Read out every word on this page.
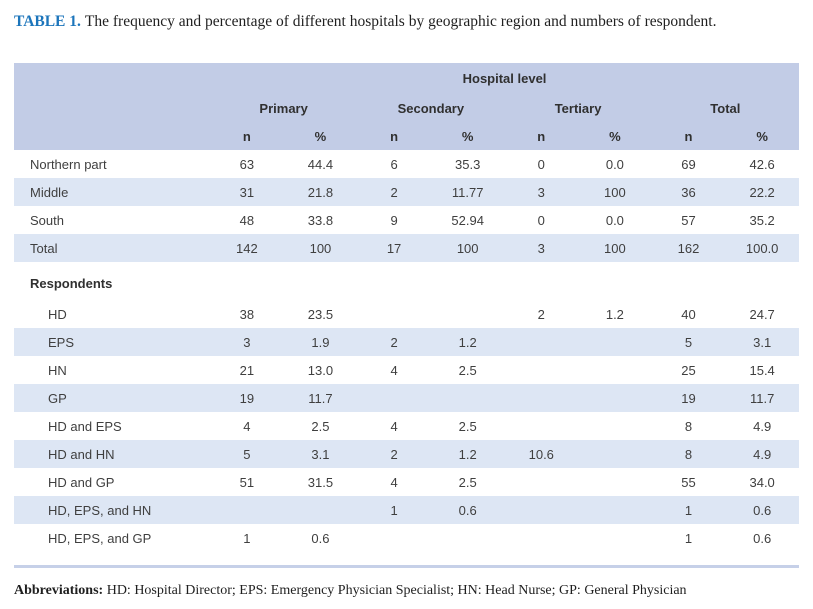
TABLE 1. The frequency and percentage of different hospitals by geographic region and numbers of respondent.

	Hospital level							
	Primary		Secondary		Tertiary		Total	
	n	%	n	%	n	%	n	%
Northern part	63	44.4	6	35.3	0	0.0	69	42.6
Middle	31	21.8	2	11.77	3	100	36	22.2
South	48	33.8	9	52.94	0	0.0	57	35.2
Total	142	100	17	100	3	100	162	100.0
Respondents								
HD	38	23.5			2	1.2	40	24.7
EPS	3	1.9	2	1.2			5	3.1
HN	21	13.0	4	2.5			25	15.4
GP	19	11.7					19	11.7
HD and EPS	4	2.5	4	2.5			8	4.9
HD and HN	5	3.1	2	1.2	10.6		8	4.9
HD and GP	51	31.5	4	2.5			55	34.0
HD, EPS, and HN			1	0.6			1	0.6
HD, EPS, and GP	1	0.6					1	0.6

Abbreviations: HD: Hospital Director; EPS: Emergency Physician Specialist; HN: Head Nurse; GP: General Physician
